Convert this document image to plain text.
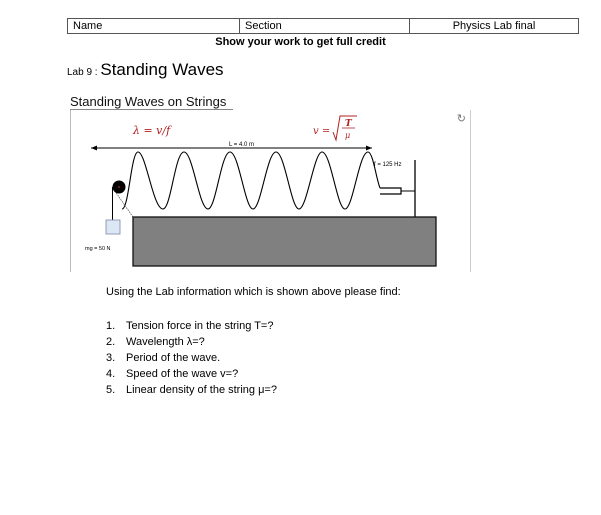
Name	Section	Physics Lab final
Show your work to get full credit
Lab 9 : Standing Waves
Standing Waves on Strings
↻
λ = v/f	v =
T
μ
L = 4.0 m
f = 125 Hz
mg = 50 N
Using the Lab information which is shown above please find:
1. Tension force in the string T=?
2. Wavelength λ=?
3. Period of the wave.
4. Speed of the wave v=?
5. Linear density of the string μ=?
